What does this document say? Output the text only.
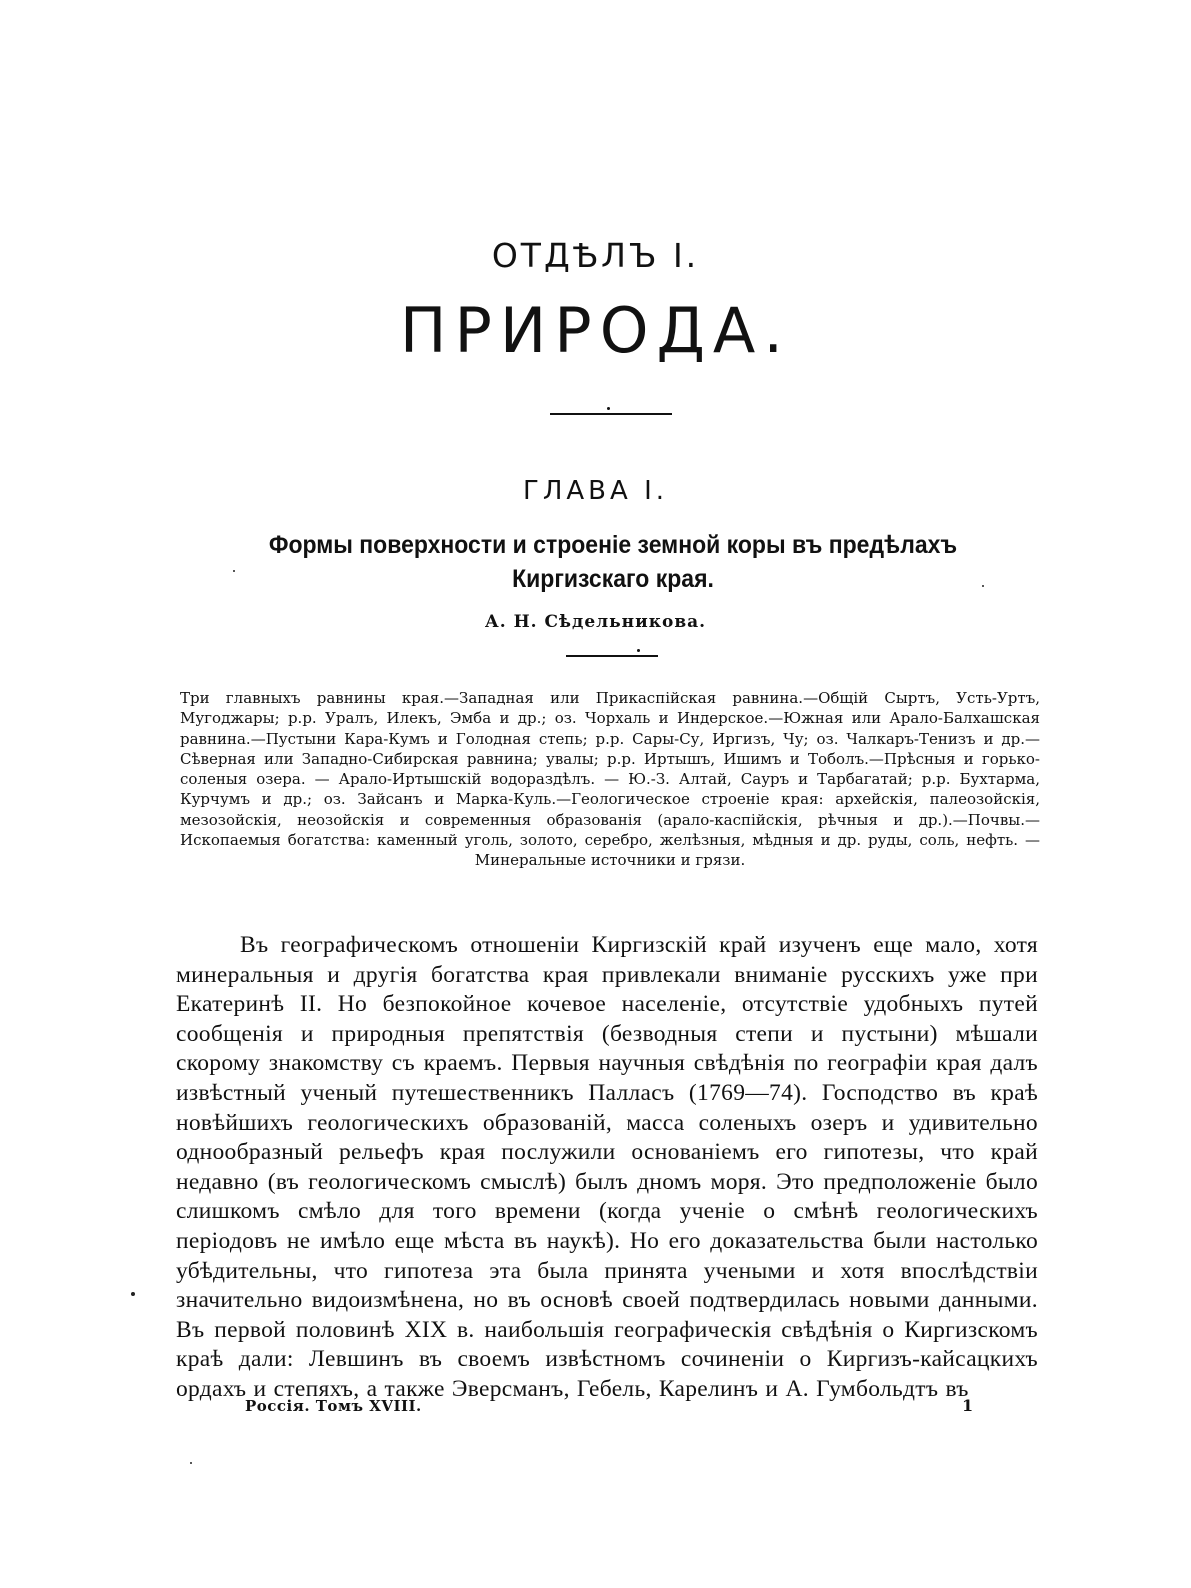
ОТДѢЛЪ I.
ПРИРОДА.
ГЛАВА I.
Формы поверхности и строеніе земной коры въ предѣлахъ Киргизскаго края.
А. Н. Сѣдельникова.
Три главныхъ равнины края.—Западная или Прикаспійская равнина.—Общій Сыртъ, Усть-Уртъ, Мугоджары; р.р. Уралъ, Илекъ, Эмба и др.; оз. Чорхаль и Индерское.—Южная или Арало-Балхашская равнина.—Пустыни Кара-Кумъ и Голодная степь; р.р. Сары-Су, Иргизъ, Чу; оз. Чалкаръ-Тенизъ и др.—Сѣверная или Западно-Сибирская равнина; увалы; р.р. Иртышъ, Ишимъ и Тоболъ.—Прѣсныя и горько-соленыя озера. — Арало-Иртышскій водораздѣлъ. — Ю.-З. Алтай, Сауръ и Тарбагатай; р.р. Бухтарма, Курчумъ и др.; оз. Зайсанъ и Марка-Куль.—Геологическое строеніе края: архейскія, палеозойскія, мезозойскія, неозойскія и современныя образованія (арало-каспійскія, рѣчныя и др.).—Почвы.—Ископаемыя богатства: каменный уголь, золото, серебро, желѣзныя, мѣдныя и др. руды, соль, нефть. — Минеральные источники и грязи.
Въ географическомъ отношеніи Киргизскій край изученъ еще мало, хотя минеральныя и другія богатства края привлекали вниманіе русскихъ уже при Екатеринѣ II. Но безпокойное кочевое населеніе, отсутствіе удобныхъ путей сообщенія и природныя препятствія (безводныя степи и пустыни) мѣшали скорому знакомству съ краемъ. Первыя научныя свѣдѣнія по географіи края далъ извѣстный ученый путешественникъ Палласъ (1769—74). Господство въ краѣ новѣйшихъ геологическихъ образованій, масса соленыхъ озеръ и удивительно однообразный рельефъ края послужили основаніемъ его гипотезы, что край недавно (въ геологическомъ смыслѣ) былъ дномъ моря. Это предположеніе было слишкомъ смѣло для того времени (когда ученіе о смѣнѣ геологическихъ періодовъ не имѣло еще мѣста въ наукѣ). Но его доказательства были настолько убѣдительны, что гипотеза эта была принята учеными и хотя впослѣдствіи значительно видоизмѣнена, но въ основѣ своей подтвердилась новыми данными. Въ первой половинѣ XIX в. наибольшія географическія свѣдѣнія о Киргизскомъ краѣ дали: Левшинъ въ своемъ извѣстномъ сочиненіи о Киргизъ-кайсацкихъ ордахъ и степяхъ, а также Эверсманъ, Гебель, Карелинъ и А. Гумбольдтъ въ
Россія. Томъ XVIII.	1
